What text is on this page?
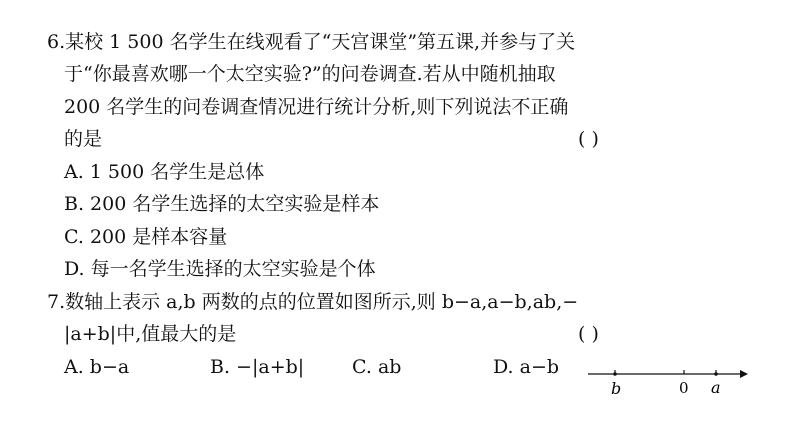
6.某校 1 500 名学生在线观看了“天宫课堂”第五课,并参与了关
于“你最喜欢哪一个太空实验?”的问卷调查.若从中随机抽取
200 名学生的问卷调查情况进行统计分析,则下列说法不正确
的是	( )
A. 1 500 名学生是总体
B. 200 名学生选择的太空实验是样本
C. 200 是样本容量
D. 每一名学生选择的太空实验是个体
7.数轴上表示 a,b 两数的点的位置如图所示,则 b−a,a−b,ab,−
|a+b|中,值最大的是	( )
A. b−a	B. −|a+b|	C. ab	D. a−b
b	0 a
